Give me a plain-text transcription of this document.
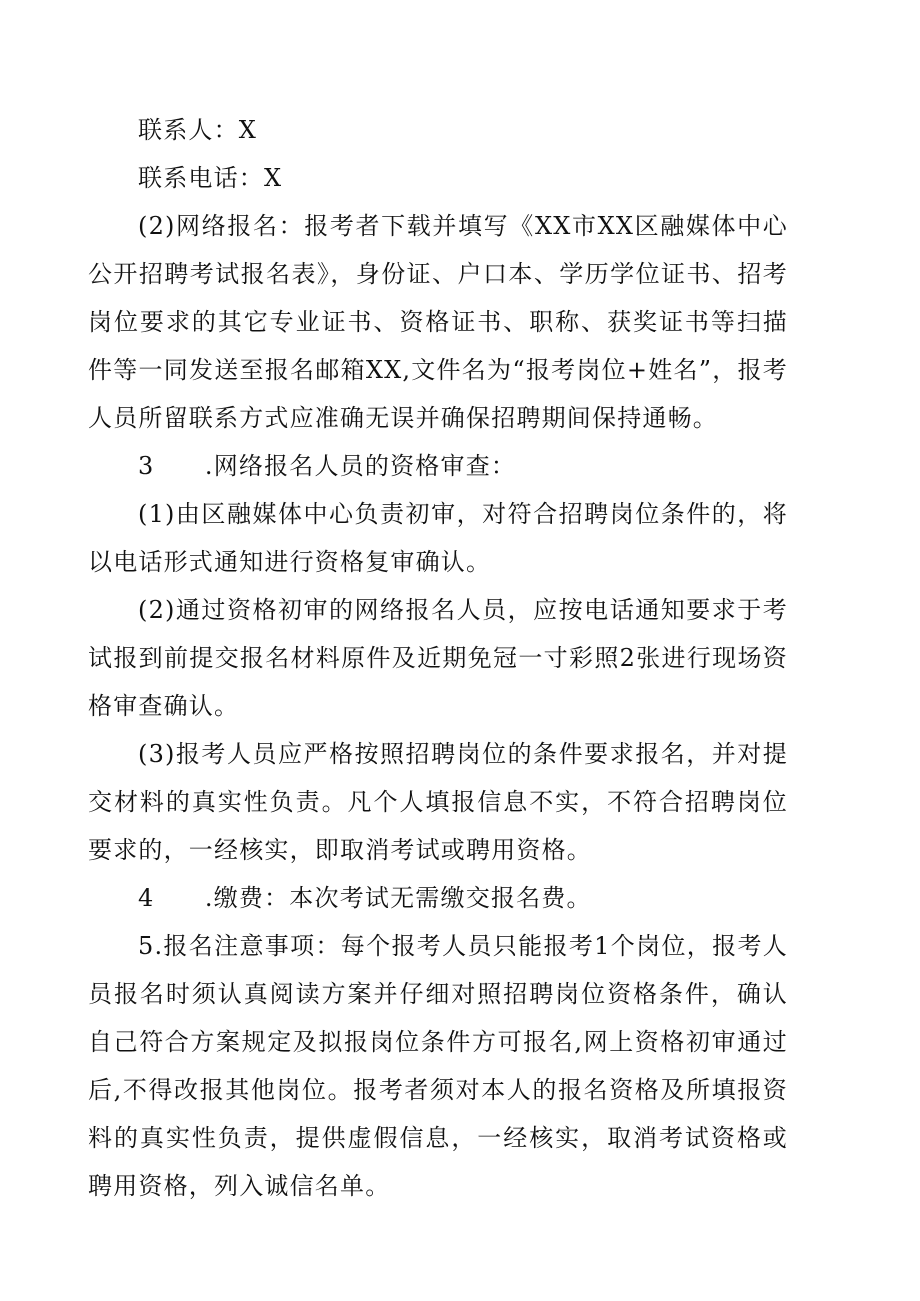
联系人：X

联系电话：X

(2)网络报名：报考者下载并填写《XX市XX区融媒体中心公开招聘考试报名表》，身份证、户口本、学历学位证书、招考岗位要求的其它专业证书、资格证书、职称、获奖证书等扫描件等一同发送至报名邮箱XX,文件名为“报考岗位+姓名”，报考人员所留联系方式应准确无误并确保招聘期间保持通畅。

3　　.网络报名人员的资格审查：

(1)由区融媒体中心负责初审，对符合招聘岗位条件的，将以电话形式通知进行资格复审确认。

(2)通过资格初审的网络报名人员，应按电话通知要求于考试报到前提交报名材料原件及近期免冠一寸彩照2张进行现场资格审查确认。

(3)报考人员应严格按照招聘岗位的条件要求报名，并对提交材料的真实性负责。凡个人填报信息不实，不符合招聘岗位要求的，一经核实，即取消考试或聘用资格。

4　　.缴费：本次考试无需缴交报名费。

5.报名注意事项：每个报考人员只能报考1个岗位，报考人员报名时须认真阅读方案并仔细对照招聘岗位资格条件，确认自己符合方案规定及拟报岗位条件方可报名,网上资格初审通过后,不得改报其他岗位。报考者须对本人的报名资格及所填报资料的真实性负责，提供虚假信息，一经核实，取消考试资格或聘用资格，列入诚信名单。
